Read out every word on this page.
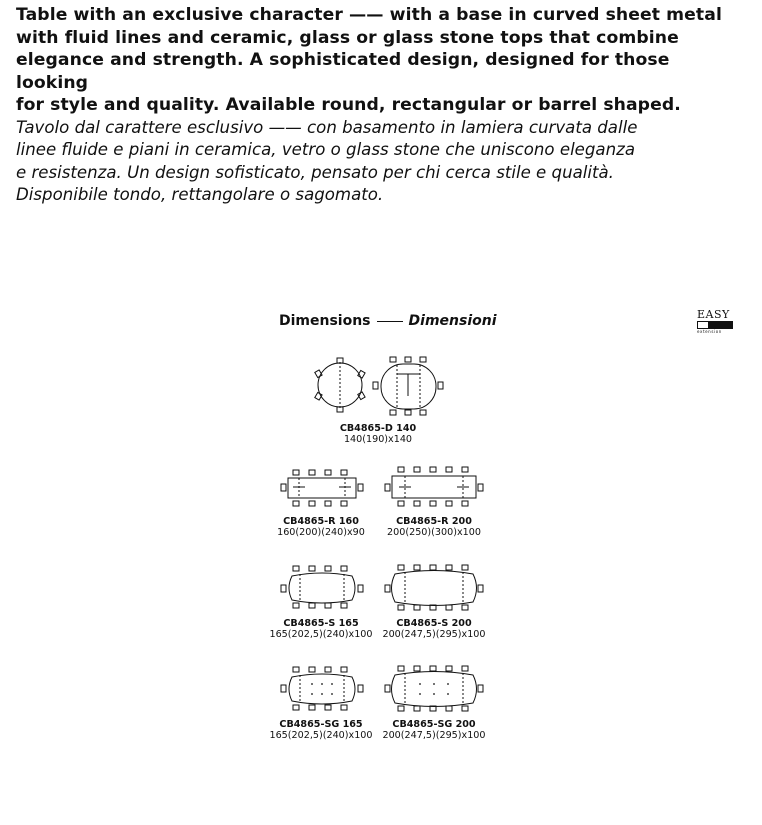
Table with an exclusive character —— with a base in curved sheet metal
with fluid lines and ceramic, glass or glass stone tops that combine
elegance and strength. A sophisticated design, designed for those looking
for style and quality. Available round, rectangular or barrel shaped.
Tavolo dal carattere esclusivo —— con basamento in lamiera curvata dalle
linee fluide e piani in ceramica, vetro o glass stone che uniscono eleganza
e resistenza. Un design sofisticato, pensato per chi cerca stile e qualità.
Disponibile tondo, rettangolare o sagomato.
Dimensions	Dimensioni	EASY
extension
CB4865-D 140
140(190)x140
CB4865-R 160
160(200)(240)x90
CB4865-R 200
200(250)(300)x100
CB4865-S 165
165(202,5)(240)x100
CB4865-S 200
200(247,5)(295)x100
CB4865-SG 165
165(202,5)(240)x100
CB4865-SG 200
200(247,5)(295)x100
